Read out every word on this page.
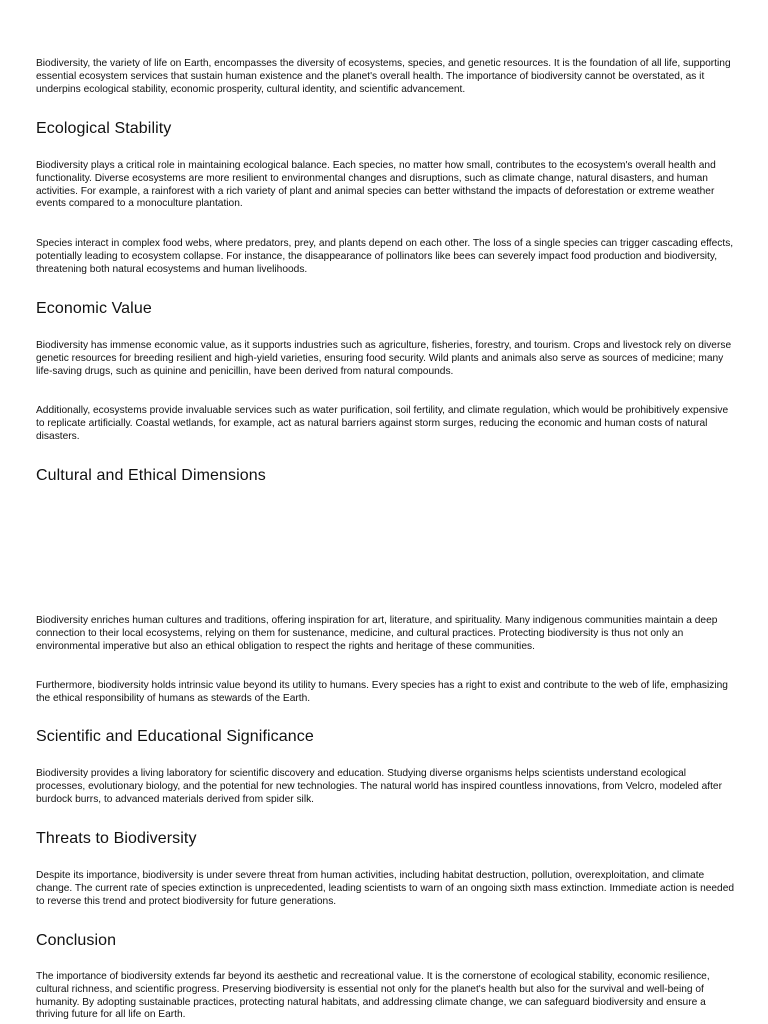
Biodiversity, the variety of life on Earth, encompasses the diversity of ecosystems, species, and genetic resources. It is the foundation of all life, supporting essential ecosystem services that sustain human existence and the planet's overall health. The importance of biodiversity cannot be overstated, as it underpins ecological stability, economic prosperity, cultural identity, and scientific advancement.

Ecological Stability

Biodiversity plays a critical role in maintaining ecological balance. Each species, no matter how small, contributes to the ecosystem's overall health and functionality. Diverse ecosystems are more resilient to environmental changes and disruptions, such as climate change, natural disasters, and human activities. For example, a rainforest with a rich variety of plant and animal species can better withstand the impacts of deforestation or extreme weather events compared to a monoculture plantation.

Species interact in complex food webs, where predators, prey, and plants depend on each other. The loss of a single species can trigger cascading effects, potentially leading to ecosystem collapse. For instance, the disappearance of pollinators like bees can severely impact food production and biodiversity, threatening both natural ecosystems and human livelihoods.

Economic Value

Biodiversity has immense economic value, as it supports industries such as agriculture, fisheries, forestry, and tourism. Crops and livestock rely on diverse genetic resources for breeding resilient and high-yield varieties, ensuring food security. Wild plants and animals also serve as sources of medicine; many life-saving drugs, such as quinine and penicillin, have been derived from natural compounds.

Additionally, ecosystems provide invaluable services such as water purification, soil fertility, and climate regulation, which would be prohibitively expensive to replicate artificially. Coastal wetlands, for example, act as natural barriers against storm surges, reducing the economic and human costs of natural disasters.

Cultural and Ethical Dimensions

Biodiversity enriches human cultures and traditions, offering inspiration for art, literature, and spirituality. Many indigenous communities maintain a deep connection to their local ecosystems, relying on them for sustenance, medicine, and cultural practices. Protecting biodiversity is thus not only an environmental imperative but also an ethical obligation to respect the rights and heritage of these communities.

Furthermore, biodiversity holds intrinsic value beyond its utility to humans. Every species has a right to exist and contribute to the web of life, emphasizing the ethical responsibility of humans as stewards of the Earth.

Scientific and Educational Significance

Biodiversity provides a living laboratory for scientific discovery and education. Studying diverse organisms helps scientists understand ecological processes, evolutionary biology, and the potential for new technologies. The natural world has inspired countless innovations, from Velcro, modeled after burdock burrs, to advanced materials derived from spider silk.

Threats to Biodiversity

Despite its importance, biodiversity is under severe threat from human activities, including habitat destruction, pollution, overexploitation, and climate change. The current rate of species extinction is unprecedented, leading scientists to warn of an ongoing sixth mass extinction. Immediate action is needed to reverse this trend and protect biodiversity for future generations.

Conclusion

The importance of biodiversity extends far beyond its aesthetic and recreational value. It is the cornerstone of ecological stability, economic resilience, cultural richness, and scientific progress. Preserving biodiversity is essential not only for the planet's health but also for the survival and well-being of humanity. By adopting sustainable practices, protecting natural habitats, and addressing climate change, we can safeguard biodiversity and ensure a thriving future for all life on Earth.
